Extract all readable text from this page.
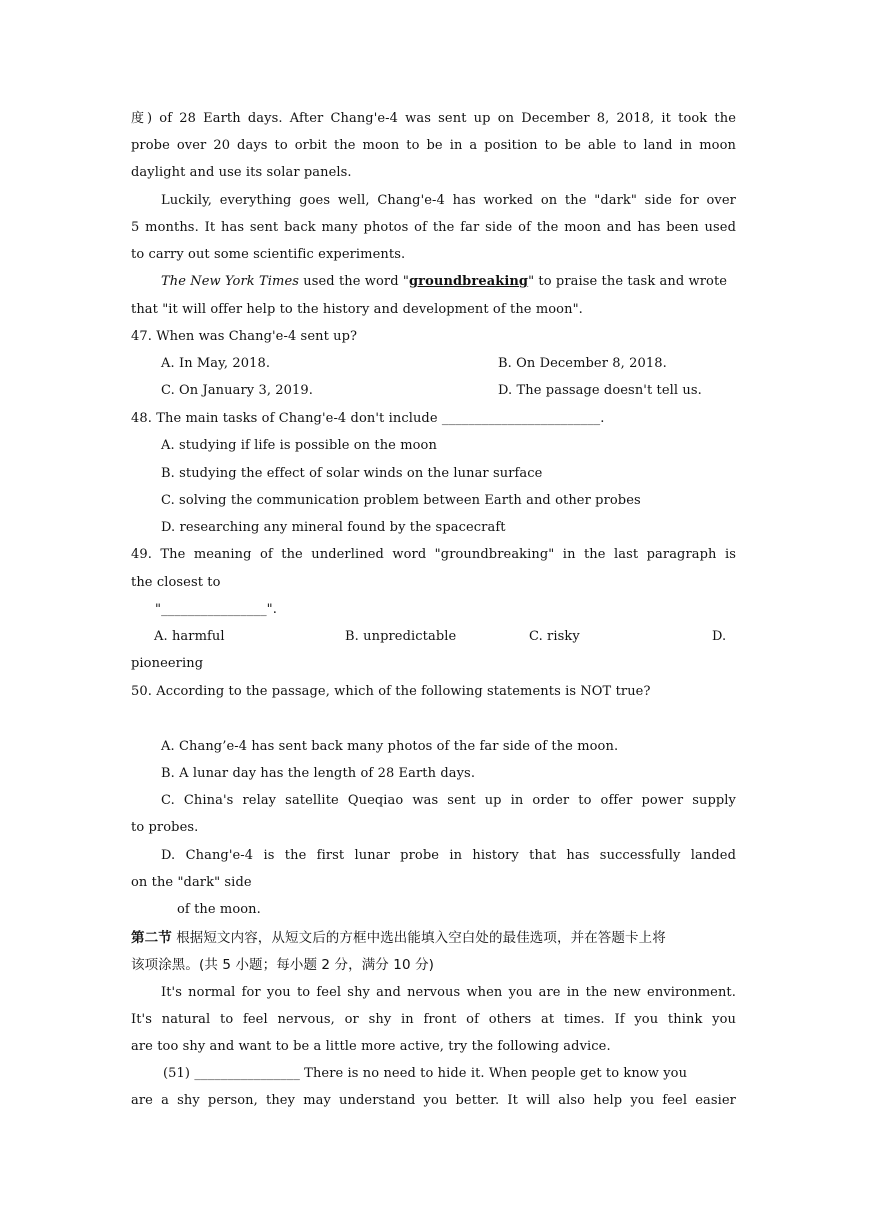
度) of 28 Earth days. After Chang'e-4 was sent up on December 8, 2018, it took the
probe over 20 days to orbit the moon to be in a position to be able to land in moon
daylight and use its solar panels.
Luckily, everything goes well, Chang'e-4 has worked on the "dark" side for over
5 months. It has sent back many photos of the far side of the moon and has been used
to carry out some scientific experiments.
The New York Times used the word "groundbreaking" to praise the task and wrote
that "it will offer help to the history and development of the moon".
47. When was Chang'e-4 sent up?
A. In May, 2018.	B. On December 8, 2018.
C. On January 3, 2019.	D. The passage doesn't tell us.
48. The main tasks of Chang'e-4 don't include ________________________.
A. studying if life is possible on the moon
B. studying the effect of solar winds on the lunar surface
C. solving the communication problem between Earth and other probes
D. researching any mineral found by the spacecraft
49. The meaning of the underlined word "groundbreaking" in the last paragraph is
the closest to
"________________".
A. harmful	B. unpredictable	C. risky	D.
pioneering
50. According to the passage, which of the following statements is NOT true?
A. Chang’e-4 has sent back many photos of the far side of the moon.
B. A lunar day has the length of 28 Earth days.
C. China's relay satellite Queqiao was sent up in order to offer power supply
to probes.
D. Chang'e-4 is the first lunar probe in history that has successfully landed
on the "dark" side
of the moon.
第二节 根据短文内容，从短文后的方框中选出能填入空白处的最佳选项，并在答题卡上将
该项涂黑。(共 5 小题；每小题 2 分，满分 10 分)
It's normal for you to feel shy and nervous when you are in the new environment.
It's natural to feel nervous, or shy in front of others at times. If you think you
are too shy and want to be a little more active, try the following advice.
(51) ________________ There is no need to hide it. When people get to know you
are a shy person, they may understand you better. It will also help you feel easier
